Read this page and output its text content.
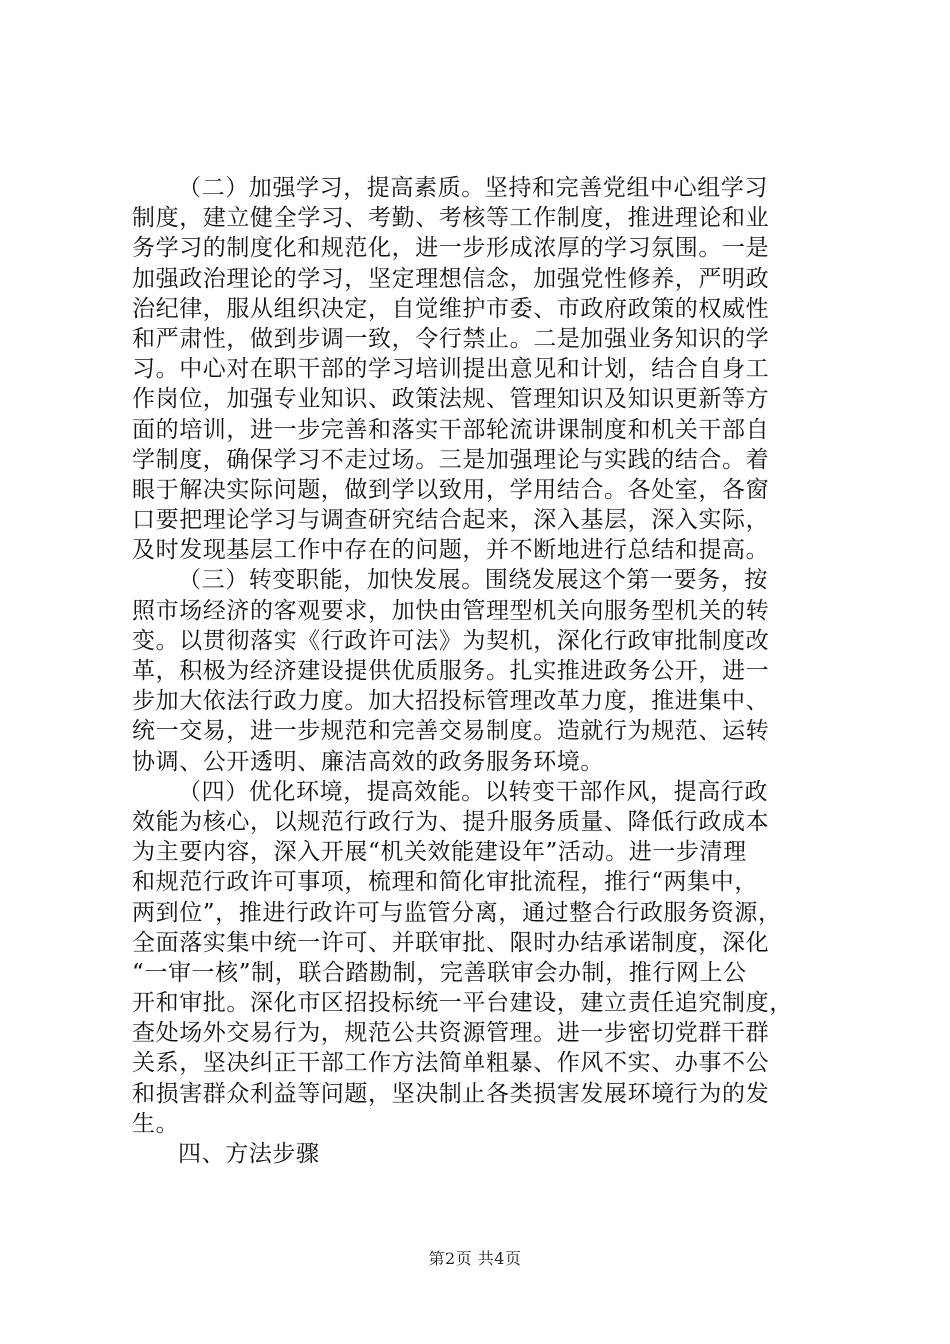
（二）加强学习，提高素质。坚持和完善党组中心组学习
制度，建立健全学习、考勤、考核等工作制度，推进理论和业
务学习的制度化和规范化，进一步形成浓厚的学习氛围。一是
加强政治理论的学习，坚定理想信念，加强党性修养，严明政
治纪律，服从组织决定，自觉维护市委、市政府政策的权威性
和严肃性，做到步调一致，令行禁止。二是加强业务知识的学
习。中心对在职干部的学习培训提出意见和计划，结合自身工
作岗位，加强专业知识、政策法规、管理知识及知识更新等方
面的培训，进一步完善和落实干部轮流讲课制度和机关干部自
学制度，确保学习不走过场。三是加强理论与实践的结合。着
眼于解决实际问题，做到学以致用，学用结合。各处室，各窗
口要把理论学习与调查研究结合起来，深入基层，深入实际，
及时发现基层工作中存在的问题，并不断地进行总结和提高。
（三）转变职能，加快发展。围绕发展这个第一要务，按
照市场经济的客观要求，加快由管理型机关向服务型机关的转
变。以贯彻落实《行政许可法》为契机，深化行政审批制度改
革，积极为经济建设提供优质服务。扎实推进政务公开，进一
步加大依法行政力度。加大招投标管理改革力度，推进集中、
统一交易，进一步规范和完善交易制度。造就行为规范、运转
协调、公开透明、廉洁高效的政务服务环境。
（四）优化环境，提高效能。以转变干部作风，提高行政
效能为核心，以规范行政行为、提升服务质量、降低行政成本
为主要内容，深入开展“机关效能建设年”活动。进一步清理
和规范行政许可事项，梳理和简化审批流程，推行“两集中，
两到位”，推进行政许可与监管分离，通过整合行政服务资源，
全面落实集中统一许可、并联审批、限时办结承诺制度，深化
“一审一核”制，联合踏勘制，完善联审会办制，推行网上公
开和审批。深化市区招投标统一平台建设，建立责任追究制度，
查处场外交易行为，规范公共资源管理。进一步密切党群干群
关系，坚决纠正干部工作方法简单粗暴、作风不实、办事不公
和损害群众利益等问题，坚决制止各类损害发展环境行为的发
生。
四、方法步骤
第2页 共4页
